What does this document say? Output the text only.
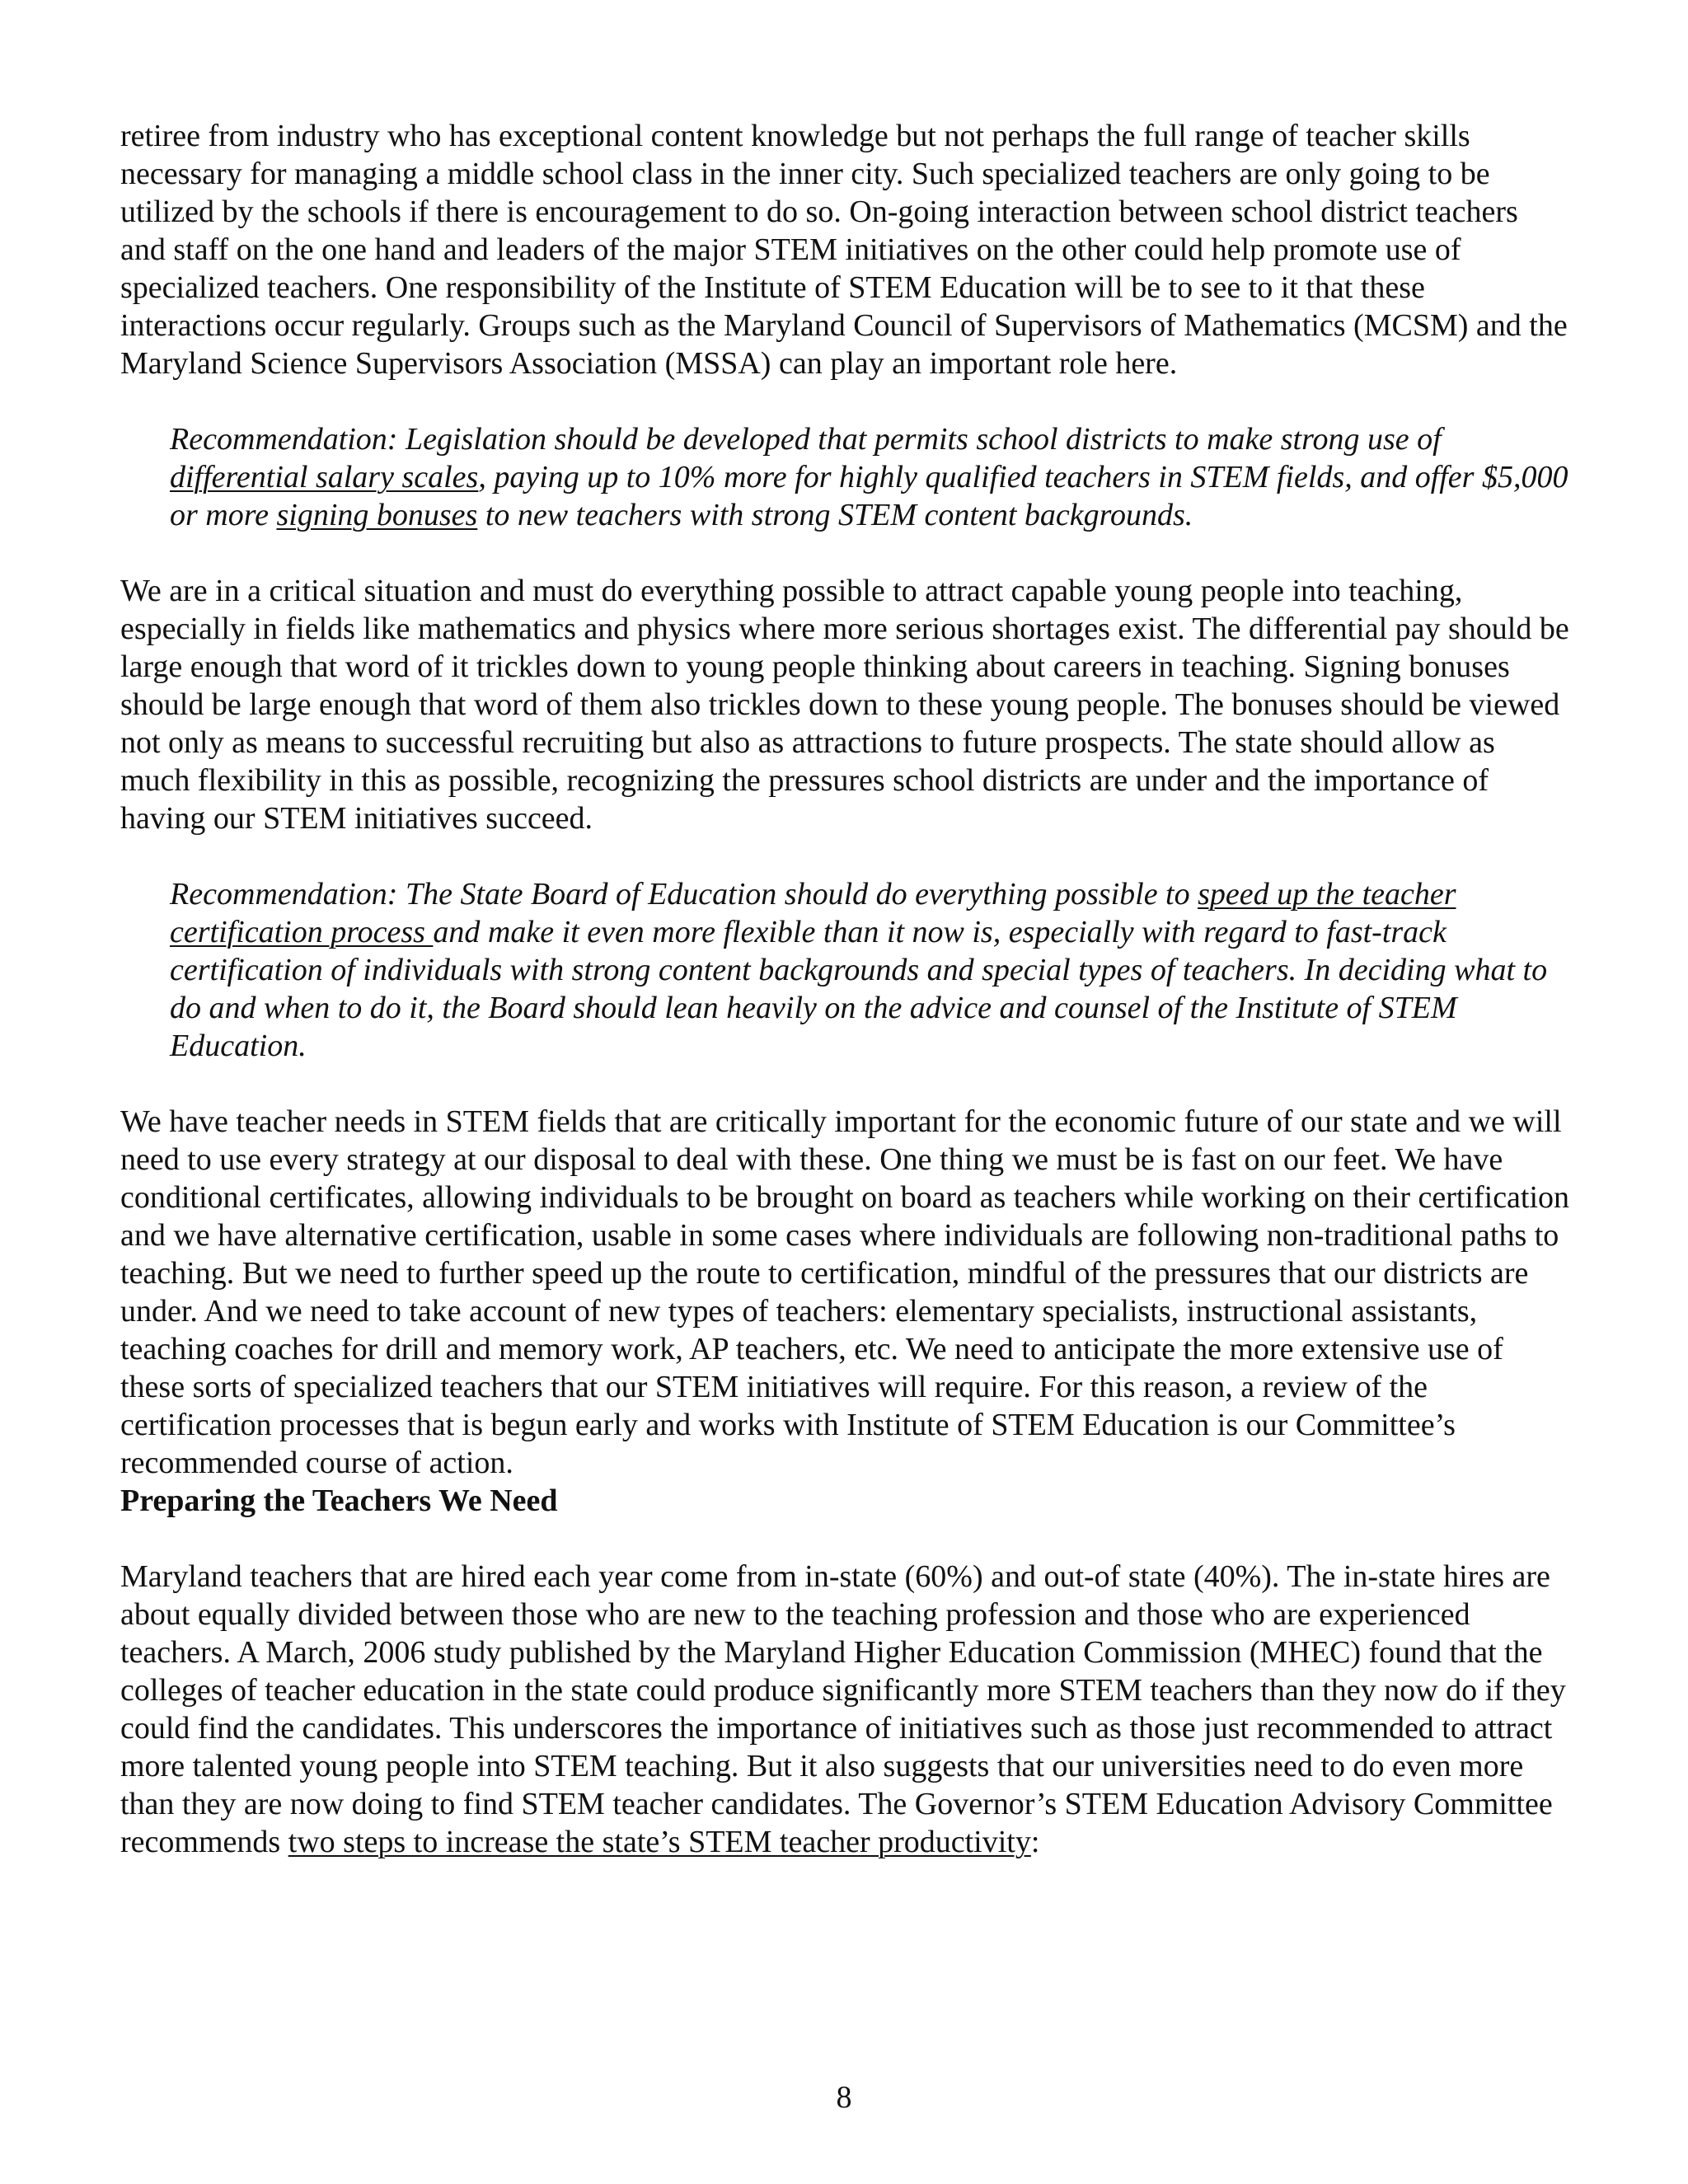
retiree from industry who has exceptional content knowledge but not perhaps the full range of teacher skills necessary for managing a middle school class in the inner city. Such specialized teachers are only going to be utilized by the schools if there is encouragement to do so. On-going interaction between school district teachers and staff on the one hand and leaders of the major STEM initiatives on the other could help promote use of specialized teachers. One responsibility of the Institute of STEM Education will be to see to it that these interactions occur regularly. Groups such as the Maryland Council of Supervisors of Mathematics (MCSM) and the Maryland Science Supervisors Association (MSSA) can play an important role here.

Recommendation: Legislation should be developed that permits school districts to make strong use of differential salary scales, paying up to 10% more for highly qualified teachers in STEM fields, and offer $5,000 or more signing bonuses to new teachers with strong STEM content backgrounds.

We are in a critical situation and must do everything possible to attract capable young people into teaching, especially in fields like mathematics and physics where more serious shortages exist. The differential pay should be large enough that word of it trickles down to young people thinking about careers in teaching. Signing bonuses should be large enough that word of them also trickles down to these young people. The bonuses should be viewed not only as means to successful recruiting but also as attractions to future prospects. The state should allow as much flexibility in this as possible, recognizing the pressures school districts are under and the importance of having our STEM initiatives succeed.

Recommendation: The State Board of Education should do everything possible to speed up the teacher certification process and make it even more flexible than it now is, especially with regard to fast-track certification of individuals with strong content backgrounds and special types of teachers. In deciding what to do and when to do it, the Board should lean heavily on the advice and counsel of the Institute of STEM Education.

We have teacher needs in STEM fields that are critically important for the economic future of our state and we will need to use every strategy at our disposal to deal with these. One thing we must be is fast on our feet. We have conditional certificates, allowing individuals to be brought on board as teachers while working on their certification and we have alternative certification, usable in some cases where individuals are following non-traditional paths to teaching. But we need to further speed up the route to certification, mindful of the pressures that our districts are under. And we need to take account of new types of teachers: elementary specialists, instructional assistants, teaching coaches for drill and memory work, AP teachers, etc. We need to anticipate the more extensive use of these sorts of specialized teachers that our STEM initiatives will require. For this reason, a review of the certification processes that is begun early and works with Institute of STEM Education is our Committee’s recommended course of action.

Preparing the Teachers We Need

Maryland teachers that are hired each year come from in-state (60%) and out-of state (40%). The in-state hires are about equally divided between those who are new to the teaching profession and those who are experienced teachers. A March, 2006 study published by the Maryland Higher Education Commission (MHEC) found that the colleges of teacher education in the state could produce significantly more STEM teachers than they now do if they could find the candidates. This underscores the importance of initiatives such as those just recommended to attract more talented young people into STEM teaching. But it also suggests that our universities need to do even more than they are now doing to find STEM teacher candidates. The Governor’s STEM Education Advisory Committee recommends two steps to increase the state’s STEM teacher productivity:

8
